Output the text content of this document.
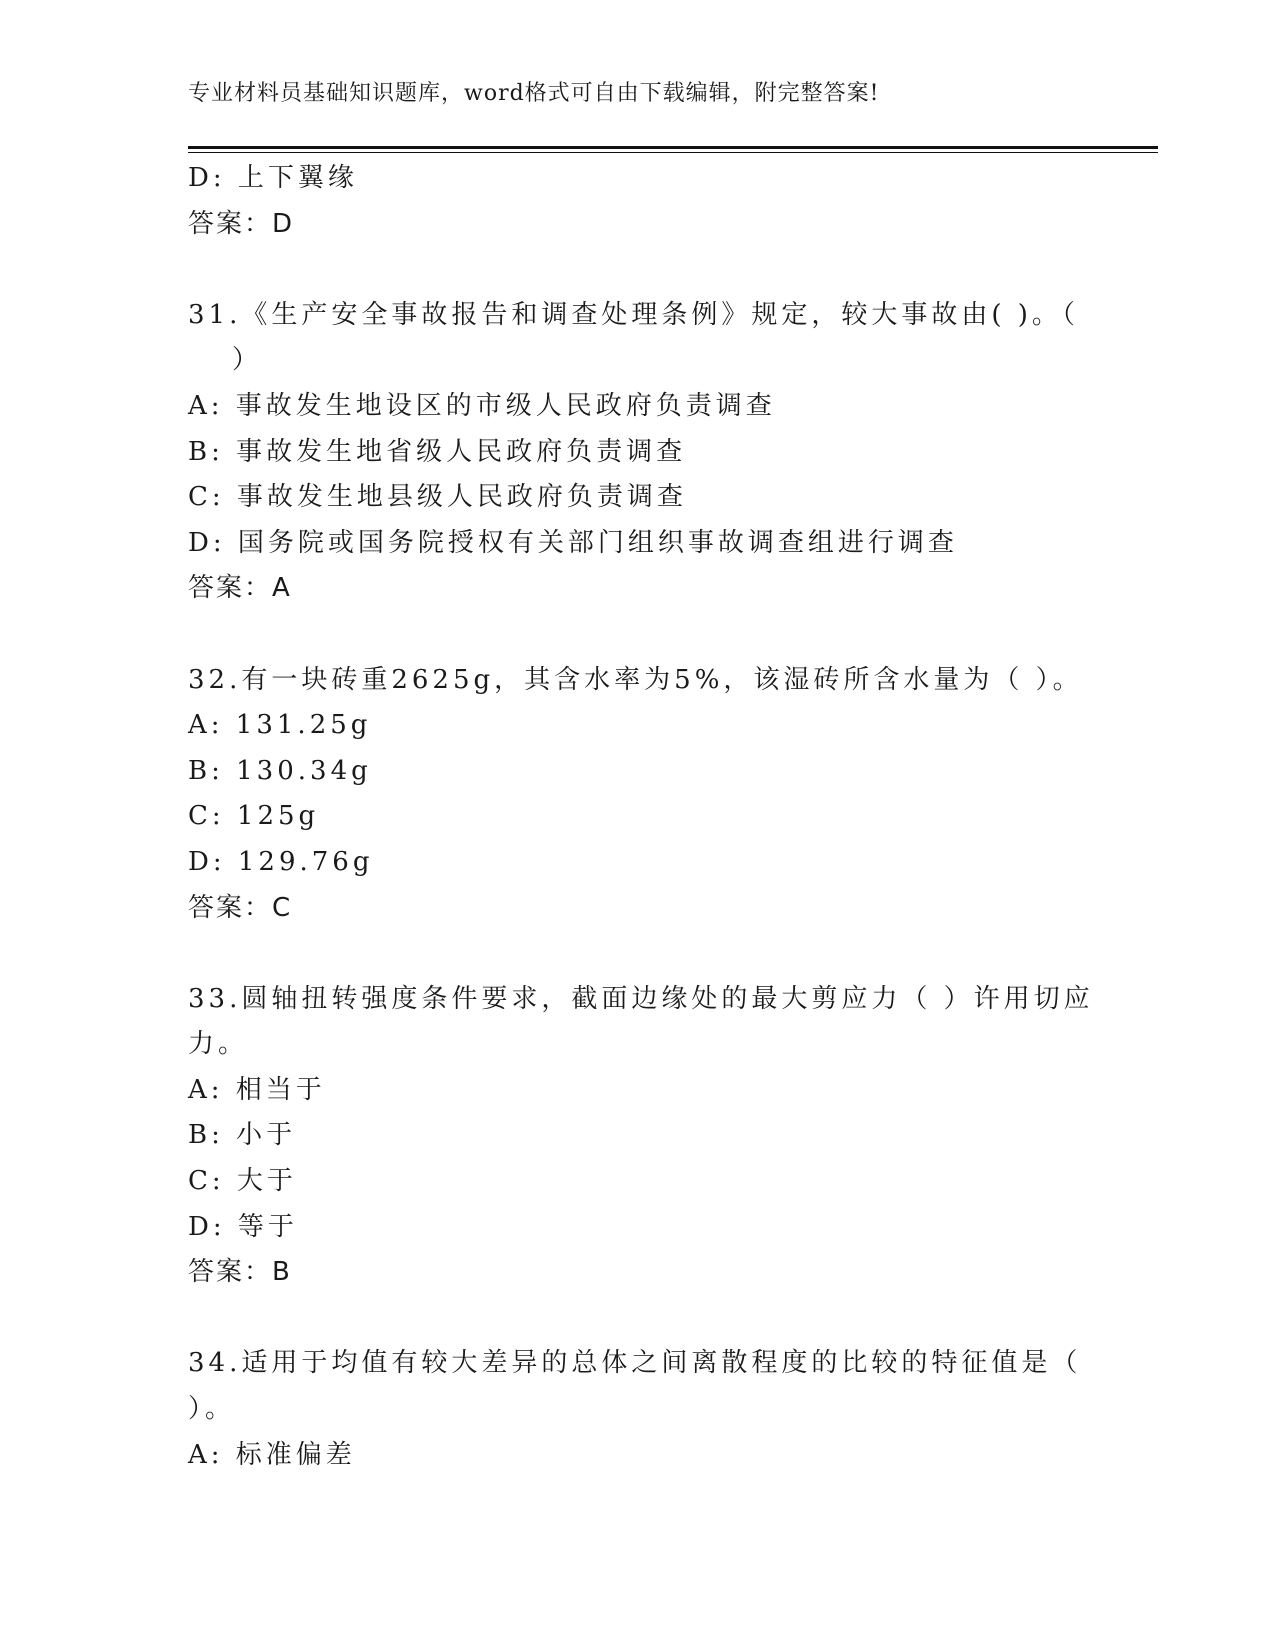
专业材料员基础知识题库，word格式可自由下载编辑，附完整答案!
D: 上下翼缘
答案：D
31.《生产安全事故报告和调查处理条例》规定，较大事故由( )。（
）
A: 事故发生地设区的市级人民政府负责调查
B: 事故发生地省级人民政府负责调查
C: 事故发生地县级人民政府负责调查
D: 国务院或国务院授权有关部门组织事故调查组进行调查
答案：A
32.有一块砖重2625g，其含水率为5%，该湿砖所含水量为（ ）。
A: 131.25g
B: 130.34g
C: 125g
D: 129.76g
答案：C
33.圆轴扭转强度条件要求，截面边缘处的最大剪应力（ ）许用切应
力。
A: 相当于
B: 小于
C: 大于
D: 等于
答案：B
34.适用于均值有较大差异的总体之间离散程度的比较的特征值是（
）。
A: 标准偏差
